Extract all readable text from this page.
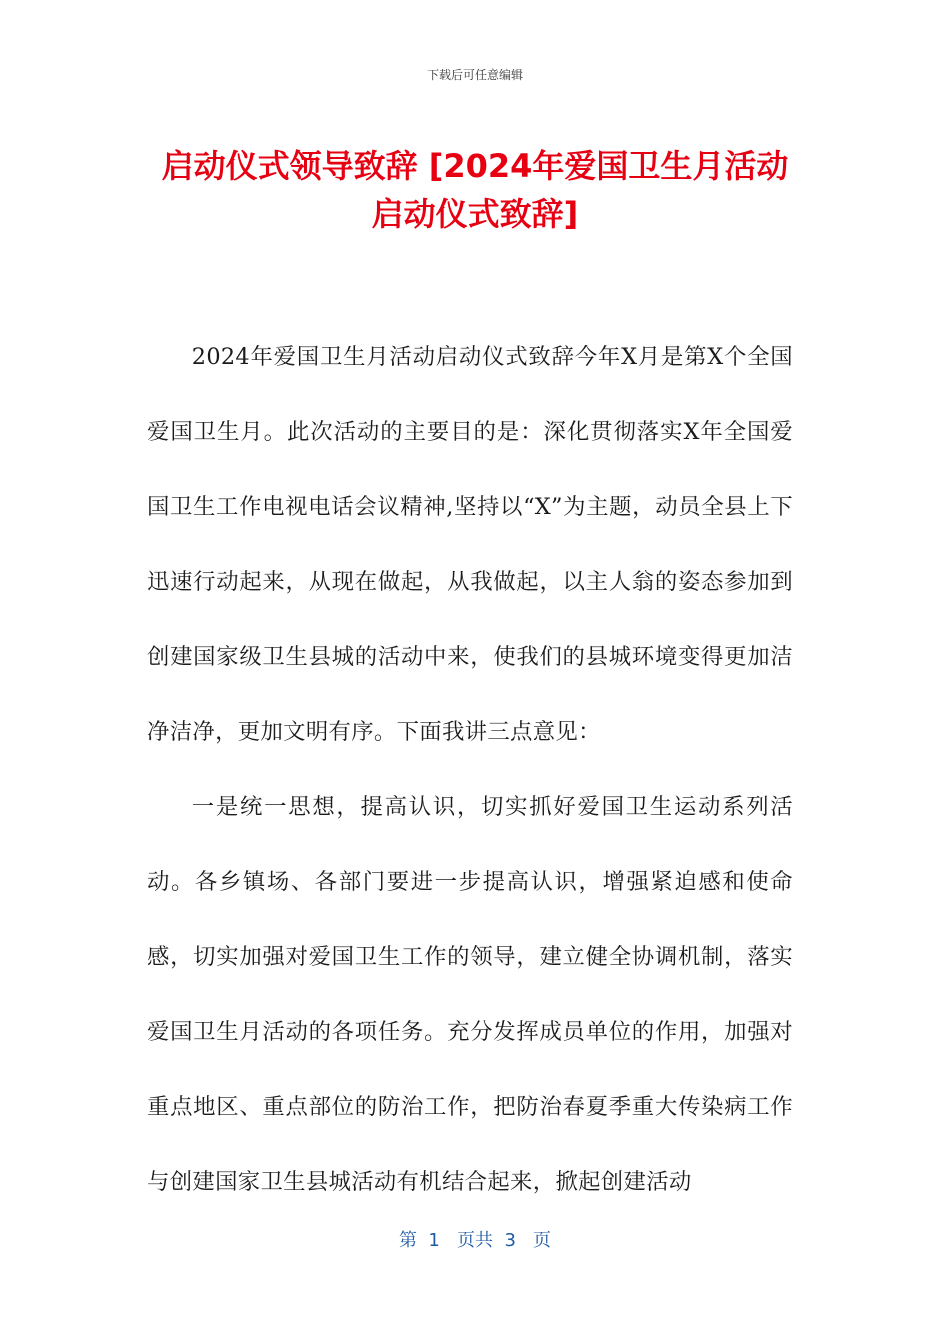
下载后可任意编辑
启动仪式领导致辞 [2024年爱国卫生月活动
启动仪式致辞]

2024年爱国卫生月活动启动仪式致辞今年X月是第X个全国爱国卫生月。此次活动的主要目的是：深化贯彻落实X年全国爱国卫生工作电视电话会议精神,坚持以“X”为主题，动员全县上下迅速行动起来，从现在做起，从我做起，以主人翁的姿态参加到创建国家级卫生县城的活动中来，使我们的县城环境变得更加洁净洁净，更加文明有序。下面我讲三点意见：

一是统一思想，提高认识，切实抓好爱国卫生运动系列活动。各乡镇场、各部门要进一步提高认识，增强紧迫感和使命感，切实加强对爱国卫生工作的领导，建立健全协调机制，落实爱国卫生月活动的各项任务。充分发挥成员单位的作用，加强对重点地区、重点部位的防治工作，把防治春夏季重大传染病工作与创建国家卫生县城活动有机结合起来，掀起创建活动

第  1   页共  3   页
